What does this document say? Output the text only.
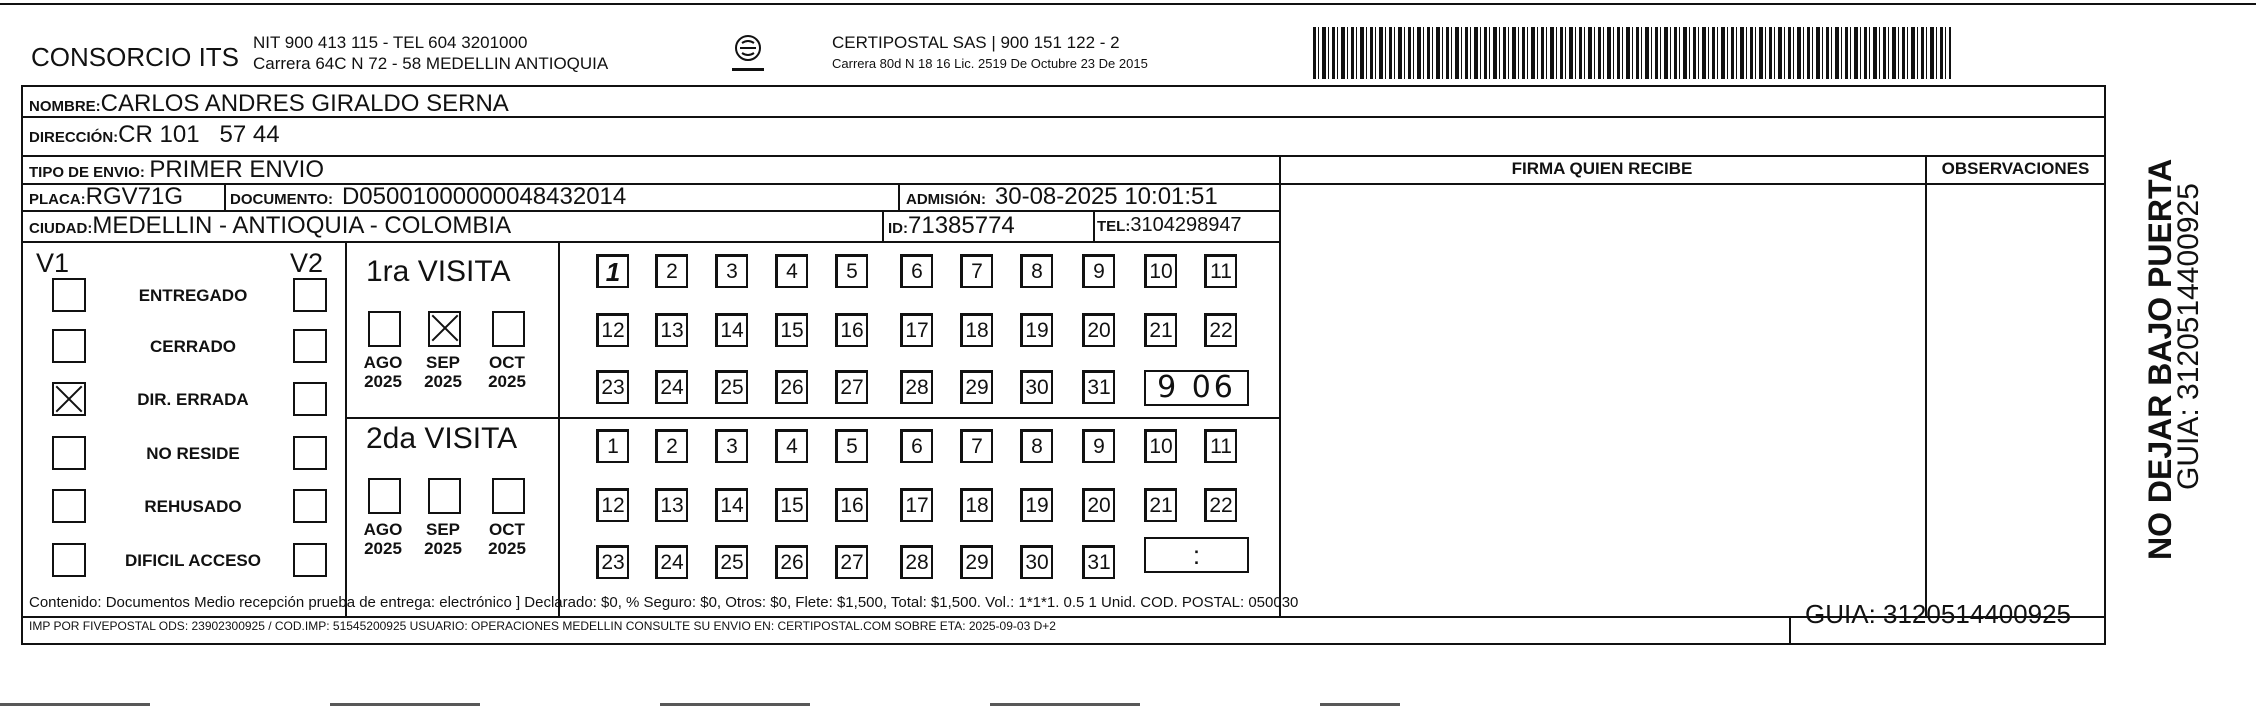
CONSORCIO ITS NIT 900 413 115 - TEL 604 3201000
Carrera 64C N 72 - 58 MEDELLIN ANTIOQUIA
CERTIPOSTAL SAS | 900 151 122 - 2
Carrera 80d N 18 16 Lic. 2519 De Octubre 23 De 2015
NOMBRE:CARLOS ANDRES GIRALDO SERNA
DIRECCIÓN:CR 101   57 44
TIPO DE ENVIO: PRIMER ENVIO
PLACA:RGV71G	DOCUMENTO: D05001000000048432014	ADMISIÓN: 30-08-2025 10:01:51
CIUDAD:MEDELLIN - ANTIOQUIA - COLOMBIA	ID:71385774	TEL:3104298947
FIRMA QUIEN RECIBE	OBSERVACIONES
V1	V2
ENTREGADO
CERRADO
DIR. ERRADA
NO RESIDE
REHUSADO
DIFICIL ACCESO
1ra VISITA
2da VISITA
AGO
2025
SEP
2025
OCT
2025
AGO
2025
SEP
2025
OCT
2025
1	2	3	4	5	6	7	8	9	10 11
12 13 14 15 16 17 18 19 20 21 22
23 24 25 26 27 28 29 30 31
1	2	3	4	5	6	7	8	9	10 11
12 13 14 15 16 17 18 19 20 21 22
23 24 25 26 27 28 29 30 31
9 06
:
Contenido: Documentos Medio recepción prueba de entrega: electrónico ] Declarado: $0, % Seguro: $0, Otros: $0, Flete: $1,500, Total: $1,500. Vol.: 1*1*1. 0.5 1 Unid. COD. POSTAL: 050030
IMP POR FIVEPOSTAL ODS: 23902300925 / COD.IMP: 51545200925 USUARIO: OPERACIONES MEDELLIN CONSULTE SU ENVIO EN: CERTIPOSTAL.COM SOBRE ETA: 2025-09-03 D+2	GUIA: 3120514400925
NO DEJAR BAJO PUERTA
GUIA: 3120514400925
